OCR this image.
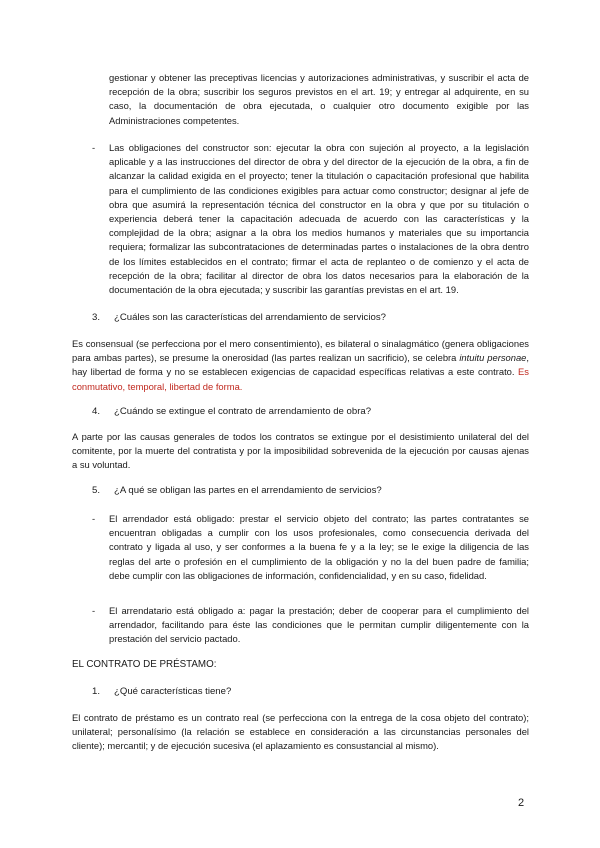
gestionar y obtener las preceptivas licencias y autorizaciones administrativas, y suscribir el acta de recepción de la obra; suscribir los seguros previstos en el art. 19; y entregar al adquirente, en su caso, la documentación de obra ejecutada, o cualquier otro documento exigible por las Administraciones competentes.

- Las obligaciones del constructor son: ejecutar la obra con sujeción al proyecto, a la legislación aplicable y a las instrucciones del director de obra y del director de la ejecución de la obra, a fin de alcanzar la calidad exigida en el proyecto; tener la titulación o capacitación profesional que habilita para el cumplimiento de las condiciones exigibles para actuar como constructor; designar al jefe de obra que asumirá la representación técnica del constructor en la obra y que por su titulación o experiencia deberá tener la capacitación adecuada de acuerdo con las características y la complejidad de la obra; asignar a la obra los medios humanos y materiales que su importancia requiera; formalizar las subcontrataciones de determinadas partes o instalaciones de la obra dentro de los límites establecidos en el contrato; firmar el acta de replanteo o de comienzo y el acta de recepción de la obra; facilitar al director de obra los datos necesarios para la elaboración de la documentación de la obra ejecutada; y suscribir las garantías previstas en el art. 19.

3. ¿Cuáles son las características del arrendamiento de servicios?

Es consensual (se perfecciona por el mero consentimiento), es bilateral o sinalagmático (genera obligaciones para ambas partes), se presume la onerosidad (las partes realizan un sacrificio), se celebra intuitu personae, hay libertad de forma y no se establecen exigencias de capacidad específicas relativas a este contrato. Es conmutativo, temporal, libertad de forma.

4. ¿Cuándo se extingue el contrato de arrendamiento de obra?

A parte por las causas generales de todos los contratos se extingue por el desistimiento unilateral del del comitente, por la muerte del contratista y por la imposibilidad sobrevenida de la ejecución por causas ajenas a su voluntad.

5. ¿A qué se obligan las partes en el arrendamiento de servicios?
- El arrendador está obligado: prestar el servicio objeto del contrato; las partes contratantes se encuentran obligadas a cumplir con los usos profesionales, como consecuencia derivada del contrato y ligada al uso, y ser conformes a la buena fe y a la ley; se le exige la diligencia de las reglas del arte o profesión en el cumplimiento de la obligación y no la del buen padre de familia; debe cumplir con las obligaciones de información, confidencialidad, y en su caso, fidelidad.

- El arrendatario está obligado a: pagar la prestación; deber de cooperar para el cumplimiento del arrendador, facilitando para éste las condiciones que le permitan cumplir diligentemente con la prestación del servicio pactado.

EL CONTRATO DE PRÉSTAMO:
1. ¿Qué características tiene?

El contrato de préstamo es un contrato real (se perfecciona con la entrega de la cosa objeto del contrato); unilateral; personalísimo (la relación se establece en consideración a las circunstancias personales del cliente); mercantil; y de ejecución sucesiva (el aplazamiento es consustancial al mismo).

2
